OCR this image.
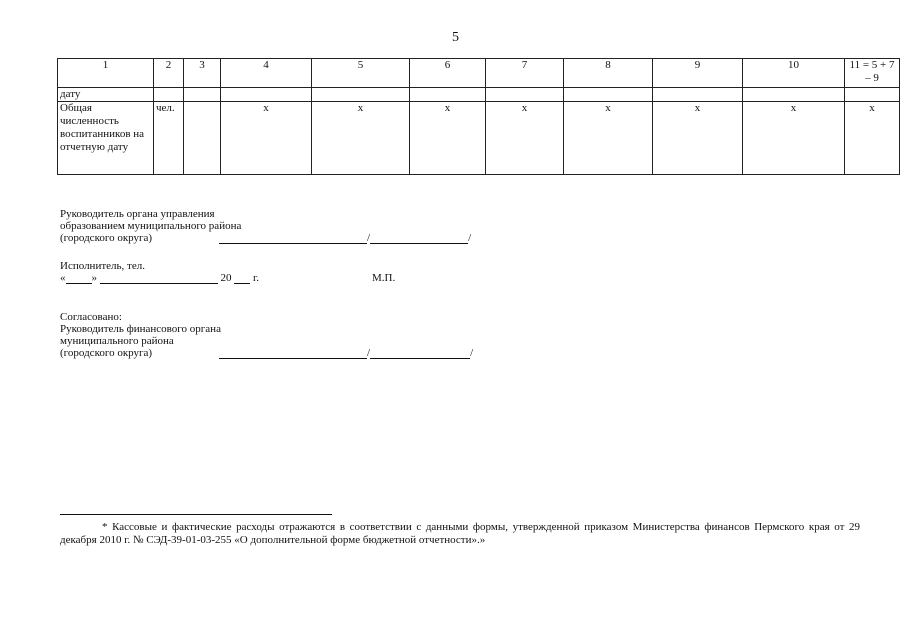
5
1	2	3	4	5	6	7	8	9	10	11 = 5 + 7 – 9
дату										
Общая численность воспитанников на отчетную дату	чел.		x	x	x	x	x	x	x	x
Руководитель органа управления
образованием муниципального района
(городского округа)	/	/
Исполнитель, тел.
« »	20 г.	М.П.
Согласовано:
Руководитель финансового органа
муниципального района
(городского округа)	/	/
* Кассовые и фактические расходы отражаются в соответствии с данными формы, утвержденной приказом Министерства финансов Пермского края от 29 декабря 2010 г. № СЭД-39-01-03-255 «О дополнительной форме бюджетной отчетности».»
